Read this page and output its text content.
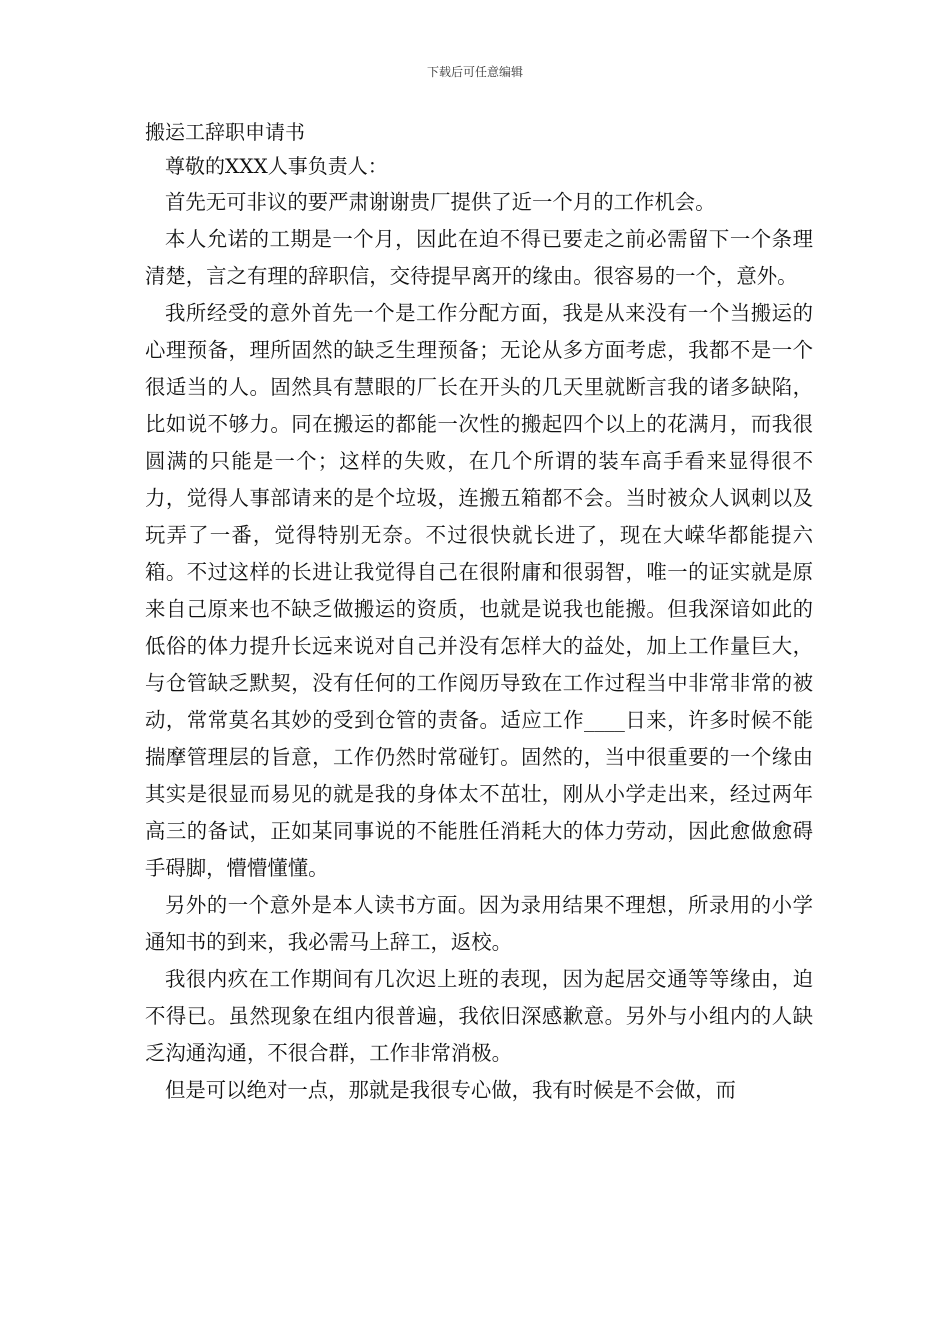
下载后可任意编辑

搬运工辞职申请书

尊敬的XXX人事负责人：

首先无可非议的要严肃谢谢贵厂提供了近一个月的工作机会。

本人允诺的工期是一个月，因此在迫不得已要走之前必需留下一个条理清楚，言之有理的辞职信，交待提早离开的缘由。很容易的一个，意外。

我所经受的意外首先一个是工作分配方面，我是从来没有一个当搬运的心理预备，理所固然的缺乏生理预备；无论从多方面考虑，我都不是一个很适当的人。固然具有慧眼的厂长在开头的几天里就断言我的诸多缺陷，比如说不够力。同在搬运的都能一次性的搬起四个以上的花满月，而我很圆满的只能是一个；这样的失败，在几个所谓的装车高手看来显得很不力，觉得人事部请来的是个垃圾，连搬五箱都不会。当时被众人讽刺以及玩弄了一番，觉得特别无奈。不过很快就长进了，现在大嵘华都能提六箱。不过这样的长进让我觉得自己在很附庸和很弱智，唯一的证实就是原来自己原来也不缺乏做搬运的资质，也就是说我也能搬。但我深谙如此的低俗的体力提升长远来说对自己并没有怎样大的益处，加上工作量巨大，与仓管缺乏默契，没有任何的工作阅历导致在工作过程当中非常非常的被动，常常莫名其妙的受到仓管的责备。适应工作____日来，许多时候不能揣摩管理层的旨意，工作仍然时常碰钉。固然的，当中很重要的一个缘由其实是很显而易见的就是我的身体太不茁壮，刚从小学走出来，经过两年高三的备试，正如某同事说的不能胜任消耗大的体力劳动，因此愈做愈碍手碍脚，懵懵懂懂。

另外的一个意外是本人读书方面。因为录用结果不理想，所录用的小学通知书的到来，我必需马上辞工，返校。

我很内疚在工作期间有几次迟上班的表现，因为起居交通等等缘由，迫不得已。虽然现象在组内很普遍，我依旧深感歉意。另外与小组内的人缺乏沟通沟通，不很合群，工作非常消极。

但是可以绝对一点，那就是我很专心做，我有时候是不会做，而
